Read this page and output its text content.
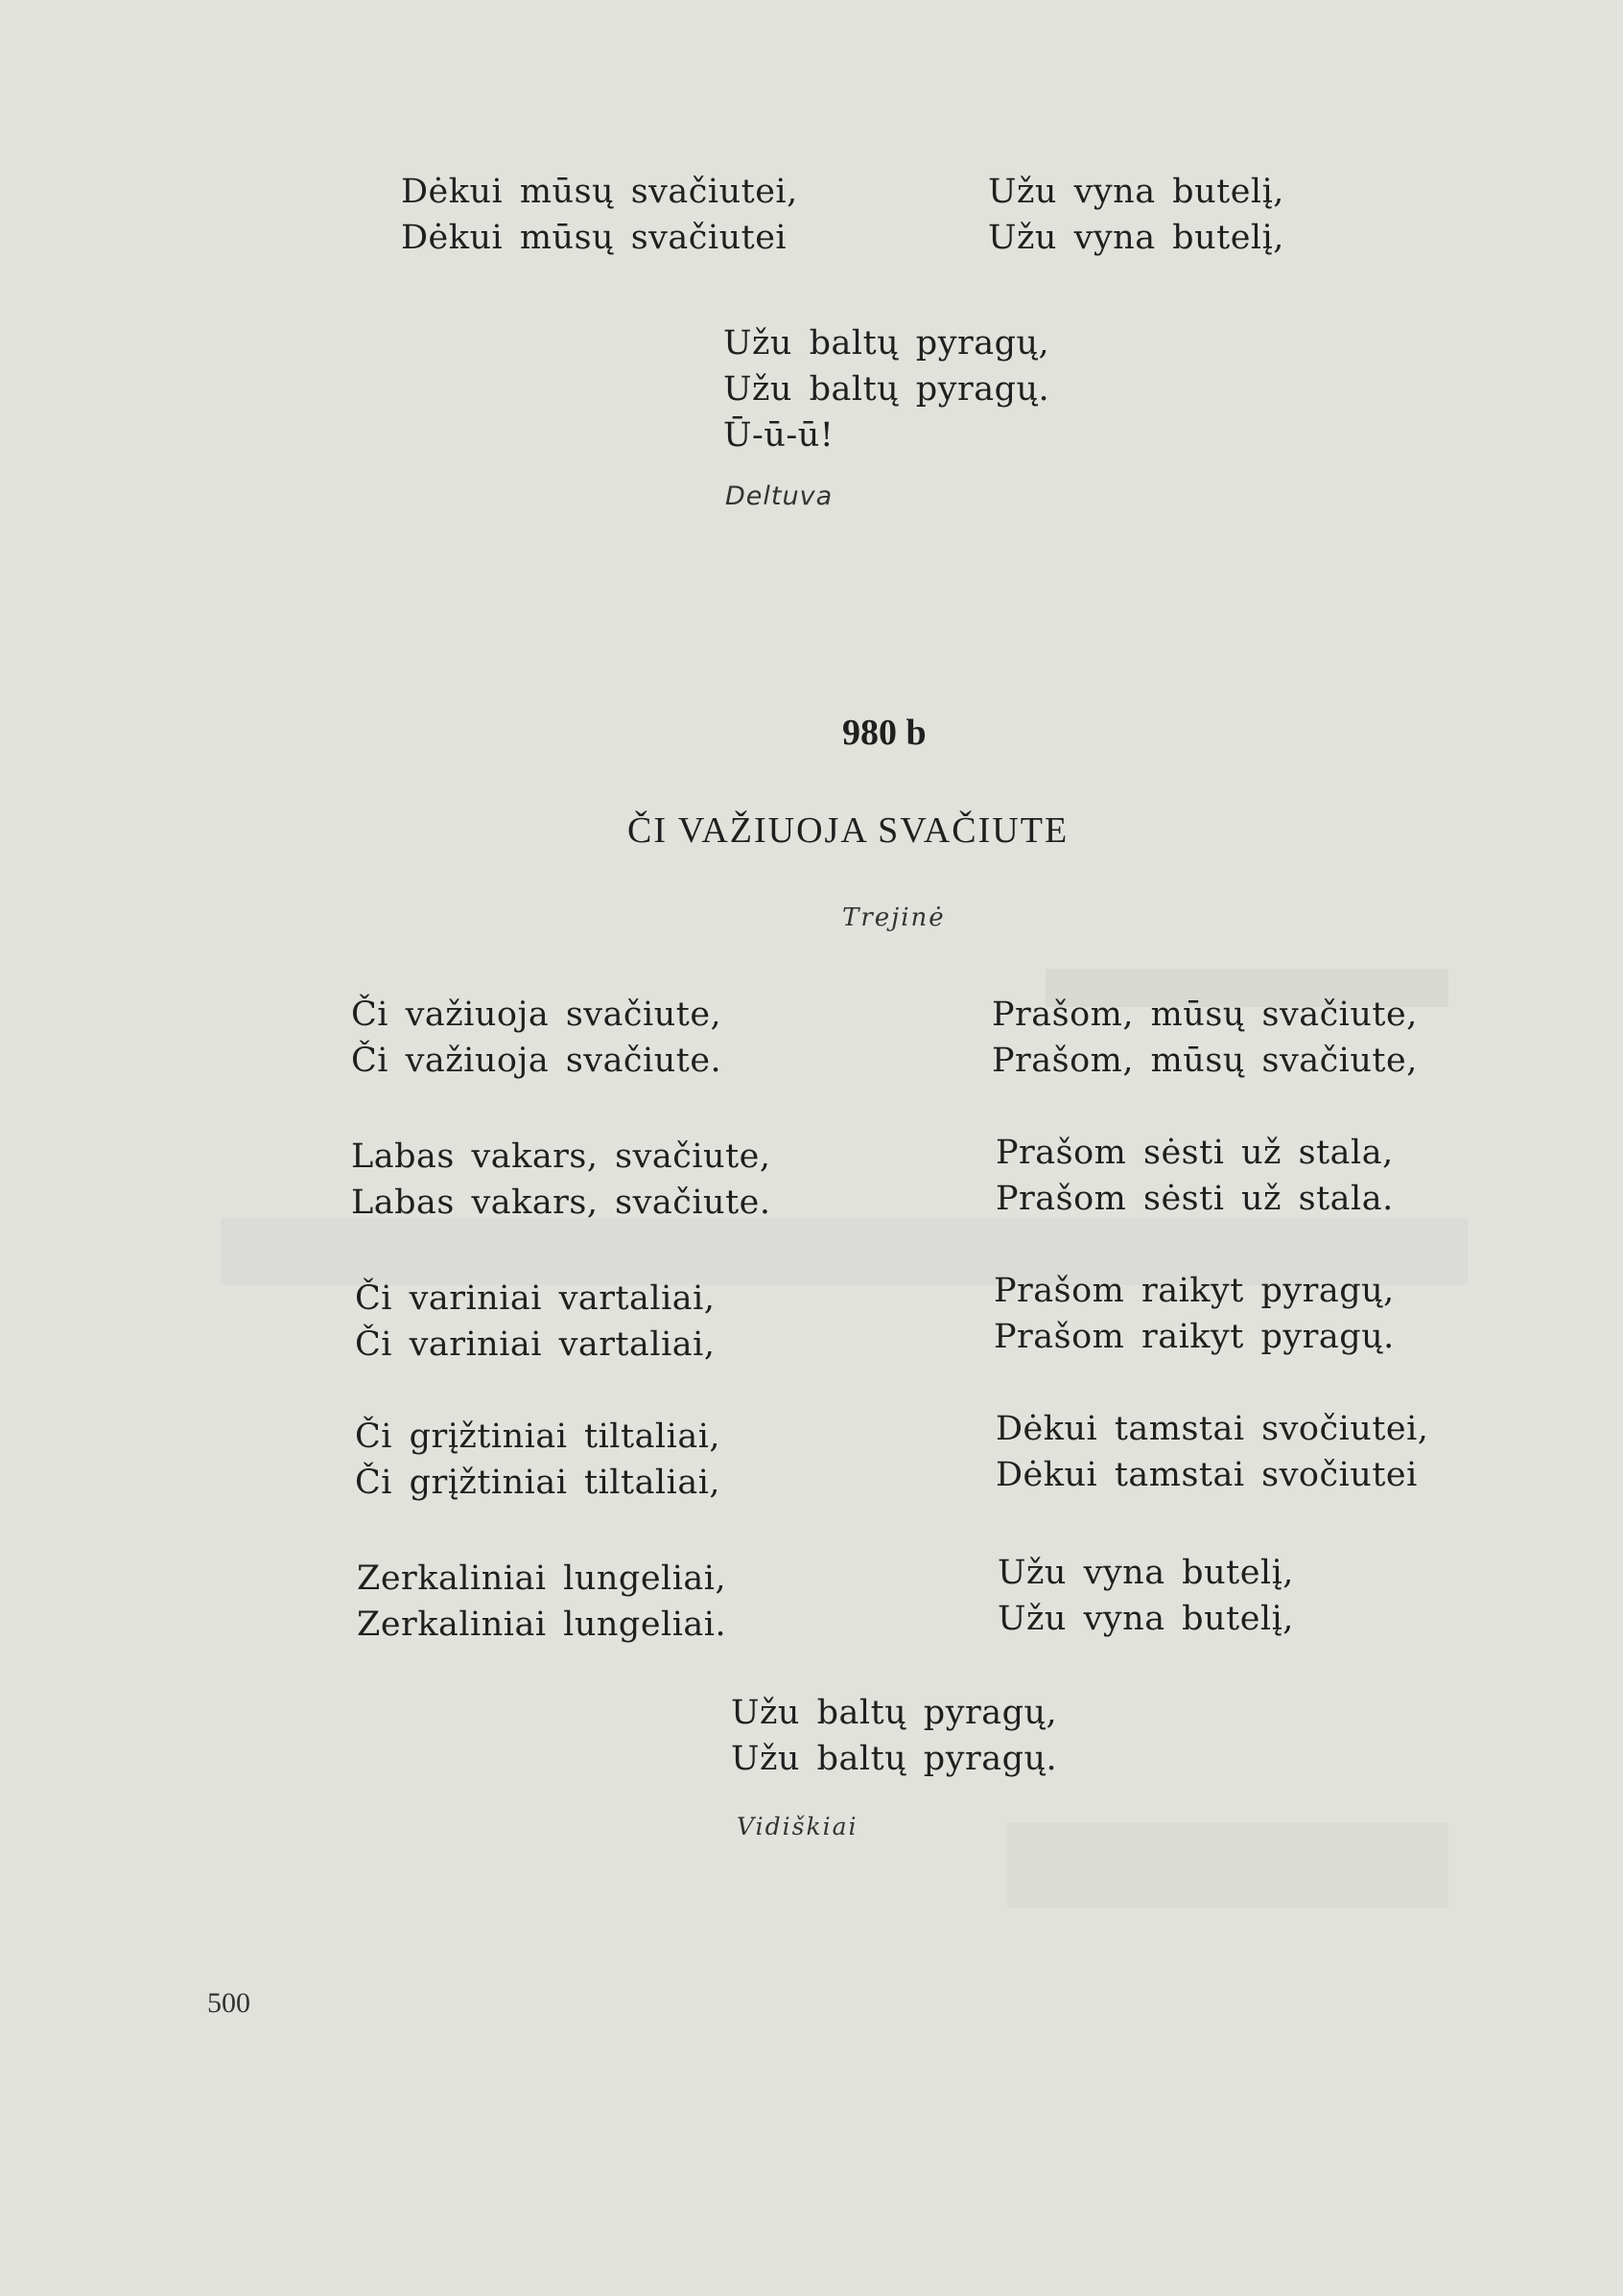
Dėkui mūsų svačiutei,
Dėkui mūsų svačiutei
Užu vyna butelį,
Užu vyna butelį,
Užu baltų pyragų,
Užu baltų pyragų.
Ū-ū-ū!
Deltuva
980 b
ČI VAŽIUOJA SVAČIUTE
Trejinė
Či važiuoja svačiute,
Či važiuoja svačiute.
Labas vakars, svačiute,
Labas vakars, svačiute.
Či variniai vartaliai,
Či variniai vartaliai,
Či grįžtiniai tiltaliai,
Či grįžtiniai tiltaliai,
Zerkaliniai lungeliai,
Zerkaliniai lungeliai.
Prašom, mūsų svačiute,
Prašom, mūsų svačiute,
Prašom sėsti už stala,
Prašom sėsti už stala.
Prašom raikyt pyragų,
Prašom raikyt pyragų.
Dėkui tamstai svočiutei,
Dėkui tamstai svočiutei
Užu vyna butelį,
Užu vyna butelį,
Užu baltų pyragų,
Užu baltų pyragų.
Vidiškiai
500
